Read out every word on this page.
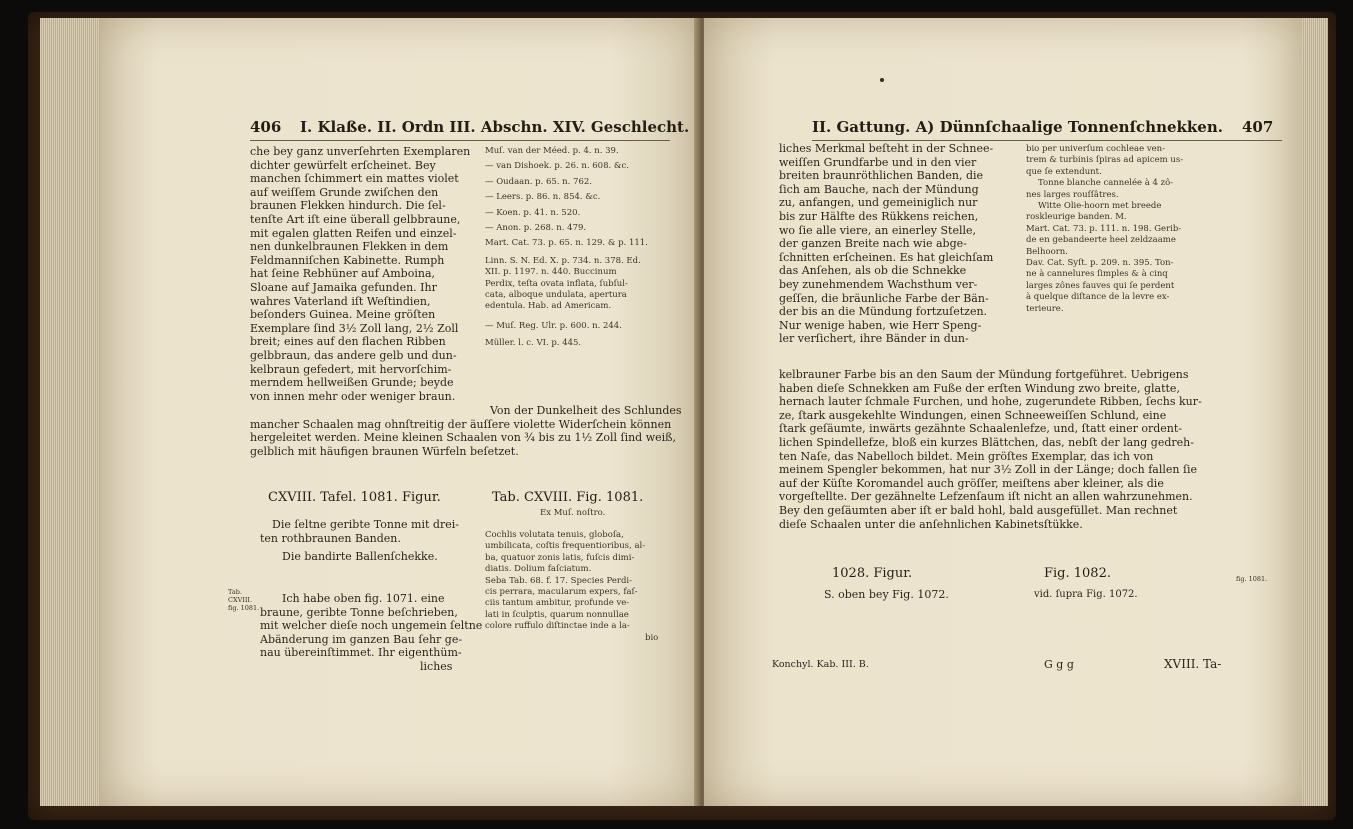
406 I. Klaße. II. Ordn III. Abschn. XIV. Geschlecht.
che bey ganz unverſehrten Exemplaren
dichter gewürfelt erſcheinet. Bey
manchen ſchimmert ein mattes violet
auf weiſſem Grunde zwiſchen den
braunen Flekken hindurch. Die ſel-
tenſte Art iſt eine überall gelbbraune,
mit egalen glatten Reifen und einzel-
nen dunkelbraunen Flekken in dem
Feldmanniſchen Kabinette. Rumph
hat ſeine Rebhüner auf Amboina,
Sloane auf Jamaika gefunden. Ihr
wahres Vaterland iſt Weſtindien,
beſonders Guinea. Meine gröſten
Exemplare ſind 3½ Zoll lang, 2½ Zoll
breit; eines auf den flachen Ribben
gelbbraun, das andere gelb und dun-
kelbraun gefedert, mit hervorſchim-
merndem hellweißen Grunde; beyde
von innen mehr oder weniger braun.
Muſ. van der Méed. p. 4. n. 39.
— van Dishoek. p. 26. n. 608. &c.
— Oudaan. p. 65. n. 762.
— Leers. p. 86. n. 854. &c.
— Koen. p. 41. n. 520.
— Anon. p. 268. n. 479.
Mart. Cat. 73. p. 65. n. 129. & p. 111.
Linn. S. N. Ed. X. p. 734. n. 378. Ed.
XII. p. 1197. n. 440. Buccinum
Perdix, teſta ovata inflata, ſubſul-
cata, alboque undulata, apertura
edentula. Hab. ad Americam.
— Muſ. Reg. Ulr. p. 600. n. 244.
Müller. l. c. VI. p. 445.
Von der Dunkelheit des Schlundes
mancher Schaalen mag ohnſtreitig der äuſſere violette Widerſchein können
hergeleitet werden. Meine kleinen Schaalen von ¾ bis zu 1½ Zoll ſind weiß,
gelblich mit häufigen braunen Würfeln beſetzet.
CXVIII. Tafel. 1081. Figur.
Die ſeltne geribte Tonne mit drei-
ten rothbraunen Banden.
Die bandirte Ballenſchekke.
Tab.
CXVIII.
fig. 1081.
Ich habe oben fig. 1071. eine
braune, geribte Tonne beſchrieben,
mit welcher dieſe noch ungemein ſeltne
Abänderung im ganzen Bau ſehr ge-
nau übereinſtimmet. Ihr eigenthüm-
liches
Tab. CXVIII. Fig. 1081.
Ex Muſ. noſtro.
Cochlis volutata tenuis, globoſa,
umbilicata, coſtis frequentioribus, al-
ba, quatuor zonis latis, fuſcis dimi-
diatis. Dolium faſciatum.
Seba Tab. 68. f. 17. Species Perdi-
cis perrara, macularum expers, faſ-
ciis tantum ambitur, profunde ve-
lati in ſculptis, quarum nonnullae
colore ruffulo diſtinctae inde a la-
bio
II. Gattung. A) Dünnſchaalige Tonnenſchnekken. 407
liches Merkmal beſteht in der Schnee-
weiſſen Grundfarbe und in den vier
breiten braunröthlichen Banden, die
ſich am Bauche, nach der Mündung
zu, anfangen, und gemeiniglich nur
bis zur Hälfte des Rükkens reichen,
wo ſie alle viere, an einerley Stelle,
der ganzen Breite nach wie abge-
ſchnitten erſcheinen. Es hat gleichſam
das Anſehen, als ob die Schnekke
bey zunehmendem Wachsthum ver-
geſſen, die bräunliche Farbe der Bän-
der bis an die Mündung fortzuſetzen.
Nur wenige haben, wie Herr Speng-
ler verſichert, ihre Bänder in dun-
bio per univerſum cochleae ven-
trem & turbinis ſpiras ad apicem us-
que ſe extendunt.
Tonne blanche cannelée à 4 zô-
nes larges rouſſâtres.
Witte Olie-hoorn met breede
roskleurige banden. M.
Mart. Cat. 73. p. 111. n. 198. Gerib-
de en gebandeerte heel zeldzaame
Belhoorn.
Dav. Cat. Syſt. p. 209. n. 395. Ton-
ne à cannelures ſimples & à cinq
larges zônes fauves qui ſe perdent
à quelque diſtance de la levre ex-
terieure.
kelbrauner Farbe bis an den Saum der Mündung fortgeführet. Uebrigens
haben dieſe Schnekken am Fuße der erſten Windung zwo breite, glatte,
hernach lauter ſchmale Furchen, und hohe, zugerundete Ribben, ſechs kur-
ze, ſtark ausgekehlte Windungen, einen Schneeweiſſen Schlund, eine
ſtark geſäumte, inwärts gezähnte Schaalenlefze, und, ſtatt einer ordent-
lichen Spindellefze, bloß ein kurzes Blättchen, das, nebſt der lang gedreh-
ten Naſe, das Nabelloch bildet. Mein gröſtes Exemplar, das ich von
meinem Spengler bekommen, hat nur 3½ Zoll in der Länge; doch fallen ſie
auf der Küſte Koromandel auch gröſſer, meiſtens aber kleiner, als die
vorgeſtellte. Der gezähnelte Lefzenſaum iſt nicht an allen wahrzunehmen.
Bey den geſäumten aber iſt er bald hohl, bald ausgefüllet. Man rechnet
dieſe Schaalen unter die anſehnlichen Kabinetsſtükke.
1028. Figur.
S. oben bey Fig. 1072.
Fig. 1082.
vid. ſupra Fig. 1072.
fig. 1081.
Konchyl. Kab. III. B.	G g g	XVIII. Ta-
